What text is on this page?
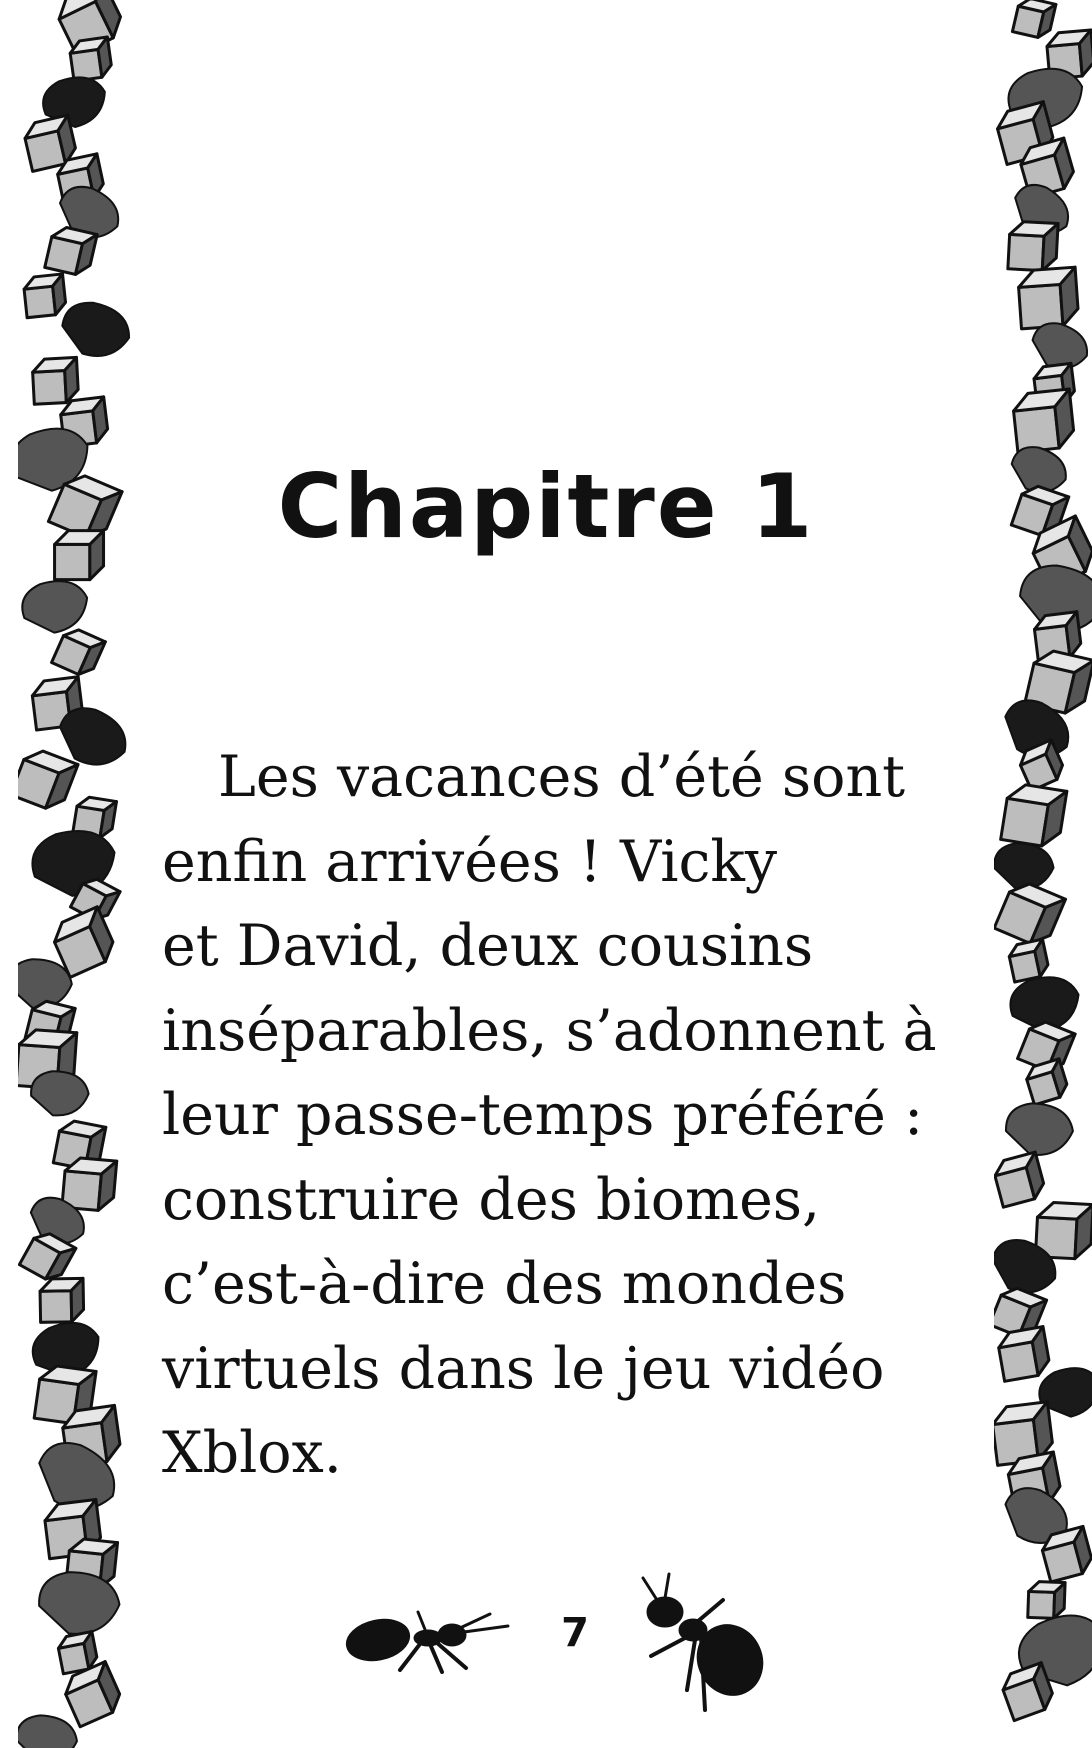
Chapitre 1
Les vacances d’été sont
enfin arrivées ! Vicky
et David, deux cousins
inséparables, s’adonnent à
leur passe-temps préféré :
construire des biomes,
c’est-à-dire des mondes
virtuels dans le jeu vidéo
Xblox.
7
